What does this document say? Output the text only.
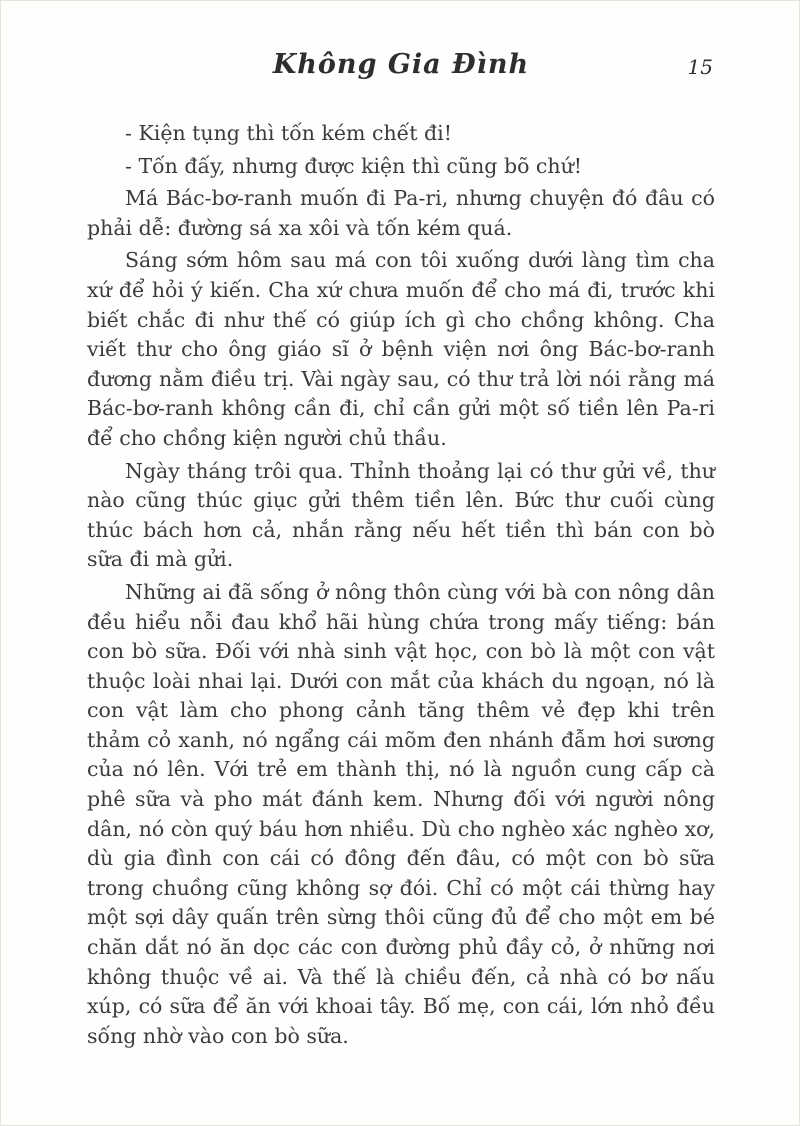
Không Gia Đình	15

- Kiện tụng thì tốn kém chết đi!

- Tốn đấy, nhưng được kiện thì cũng bõ chứ!

Má Bác-bơ-ranh muốn đi Pa-ri, nhưng chuyện đó đâu có phải dễ: đường sá xa xôi và tốn kém quá.

Sáng sớm hôm sau má con tôi xuống dưới làng tìm cha xứ để hỏi ý kiến. Cha xứ chưa muốn để cho má đi, trước khi biết chắc đi như thế có giúp ích gì cho chồng không. Cha viết thư cho ông giáo sĩ ở bệnh viện nơi ông Bác-bơ-ranh đương nằm điều trị. Vài ngày sau, có thư trả lời nói rằng má Bác-bơ-ranh không cần đi, chỉ cần gửi một số tiền lên Pa-ri để cho chồng kiện người chủ thầu.

Ngày tháng trôi qua. Thỉnh thoảng lại có thư gửi về, thư nào cũng thúc giục gửi thêm tiền lên. Bức thư cuối cùng thúc bách hơn cả, nhắn rằng nếu hết tiền thì bán con bò sữa đi mà gửi.

Những ai đã sống ở nông thôn cùng với bà con nông dân đều hiểu nỗi đau khổ hãi hùng chứa trong mấy tiếng: bán con bò sữa. Đối với nhà sinh vật học, con bò là một con vật thuộc loài nhai lại. Dưới con mắt của khách du ngoạn, nó là con vật làm cho phong cảnh tăng thêm vẻ đẹp khi trên thảm cỏ xanh, nó ngẩng cái mõm đen nhánh đẫm hơi sương của nó lên. Với trẻ em thành thị, nó là nguồn cung cấp cà phê sữa và pho mát đánh kem. Nhưng đối với người nông dân, nó còn quý báu hơn nhiều. Dù cho nghèo xác nghèo xơ, dù gia đình con cái có đông đến đâu, có một con bò sữa trong chuồng cũng không sợ đói. Chỉ có một cái thừng hay một sợi dây quấn trên sừng thôi cũng đủ để cho một em bé chăn dắt nó ăn dọc các con đường phủ đầy cỏ, ở những nơi không thuộc về ai. Và thế là chiều đến, cả nhà có bơ nấu xúp, có sữa để ăn với khoai tây. Bố mẹ, con cái, lớn nhỏ đều sống nhờ vào con bò sữa.
